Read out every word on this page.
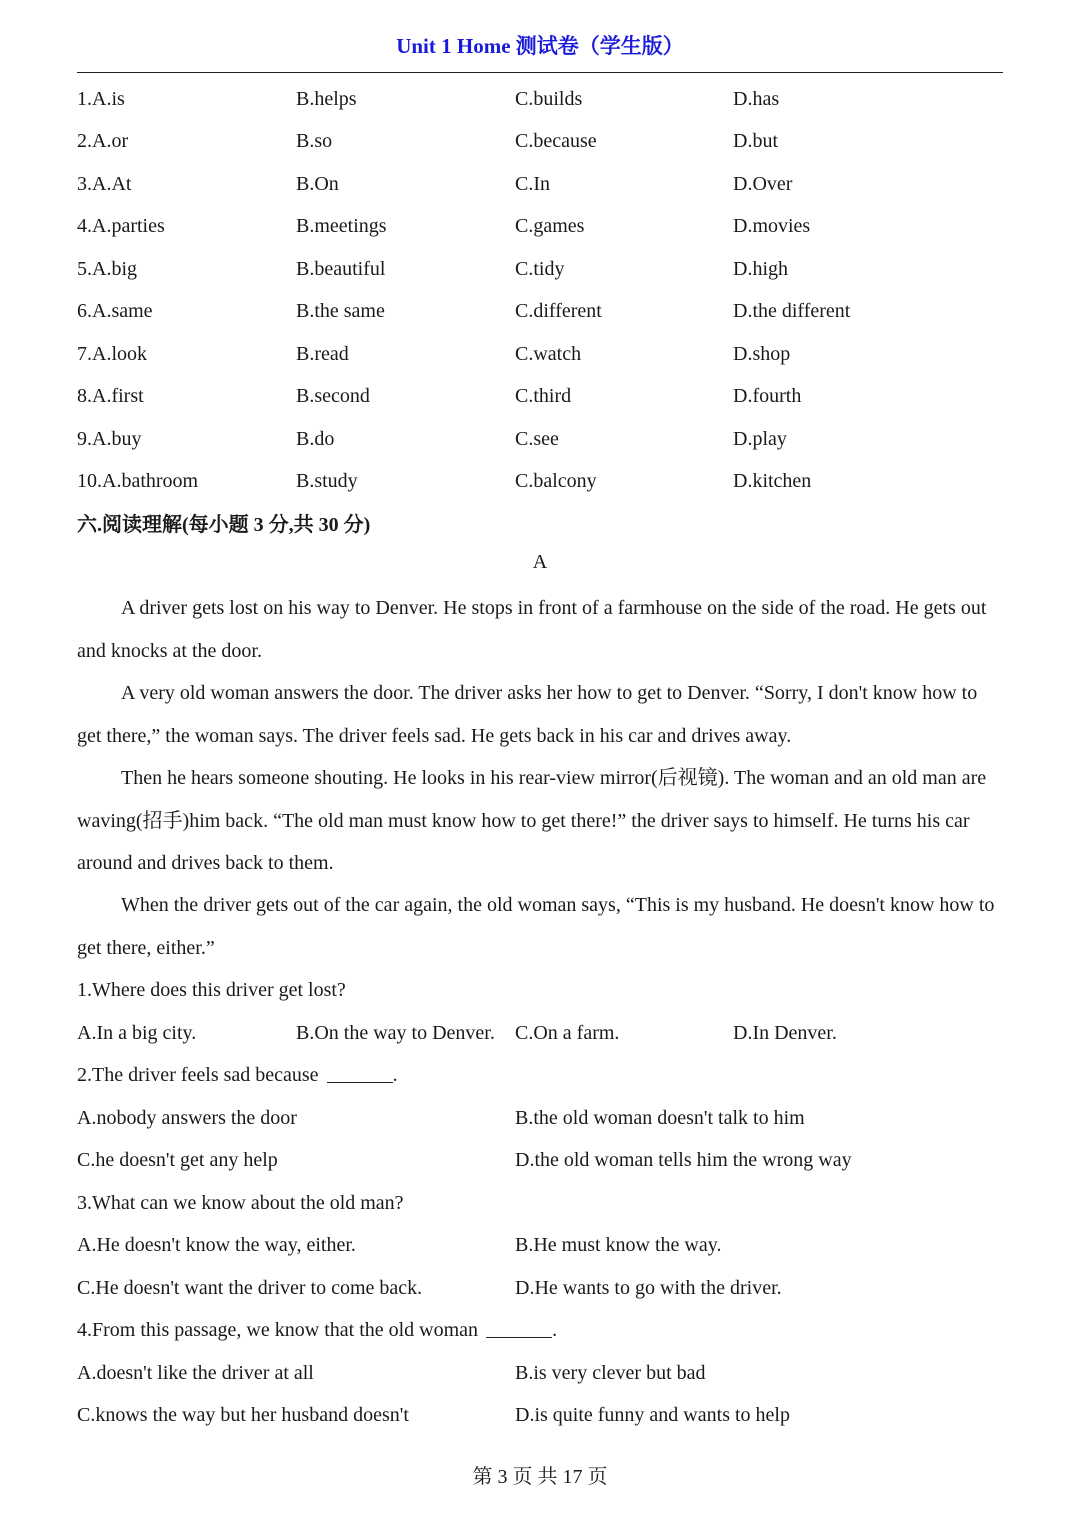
Unit 1 Home 测试卷（学生版）
1.A.is	B.helps	C.builds	D.has
2.A.or	B.so	C.because	D.but
3.A.At	B.On	C.In	D.Over
4.A.parties	B.meetings	C.games	D.movies
5.A.big	B.beautiful	C.tidy	D.high
6.A.same	B.the same	C.different	D.the different
7.A.look	B.read	C.watch	D.shop
8.A.first	B.second	C.third	D.fourth
9.A.buy	B.do	C.see	D.play
10.A.bathroom	B.study	C.balcony	D.kitchen
六.阅读理解(每小题 3 分,共 30 分)
A

A driver gets lost on his way to Denver. He stops in front of a farmhouse on the side of the road. He gets out and knocks at the door.

A very old woman answers the door. The driver asks her how to get to Denver. “Sorry, I don't know how to get there,” the woman says. The driver feels sad. He gets back in his car and drives away.

Then he hears someone shouting. He looks in his rear-view mirror(后视镜). The woman and an old man are waving(招手)him back. “The old man must know how to get there!” the driver says to himself. He turns his car around and drives back to them.

When the driver gets out of the car again, the old woman says, “This is my husband. He doesn't know how to get there, either.”

1.Where does this driver get lost?
A.In a big city.	B.On the way to Denver. C.On a farm.	D.In Denver.
2.The driver feels sad because	.
A.nobody answers the door	B.the old woman doesn't talk to him
C.he doesn't get any help	D.the old woman tells him the wrong way
3.What can we know about the old man?
A.He doesn't know the way, either.	B.He must know the way.
C.He doesn't want the driver to come back.	D.He wants to go with the driver.
4.From this passage, we know that the old woman	.
A.doesn't like the driver at all	B.is very clever but bad
C.knows the way but her husband doesn't	D.is quite funny and wants to help
第 3 页 共 17 页
